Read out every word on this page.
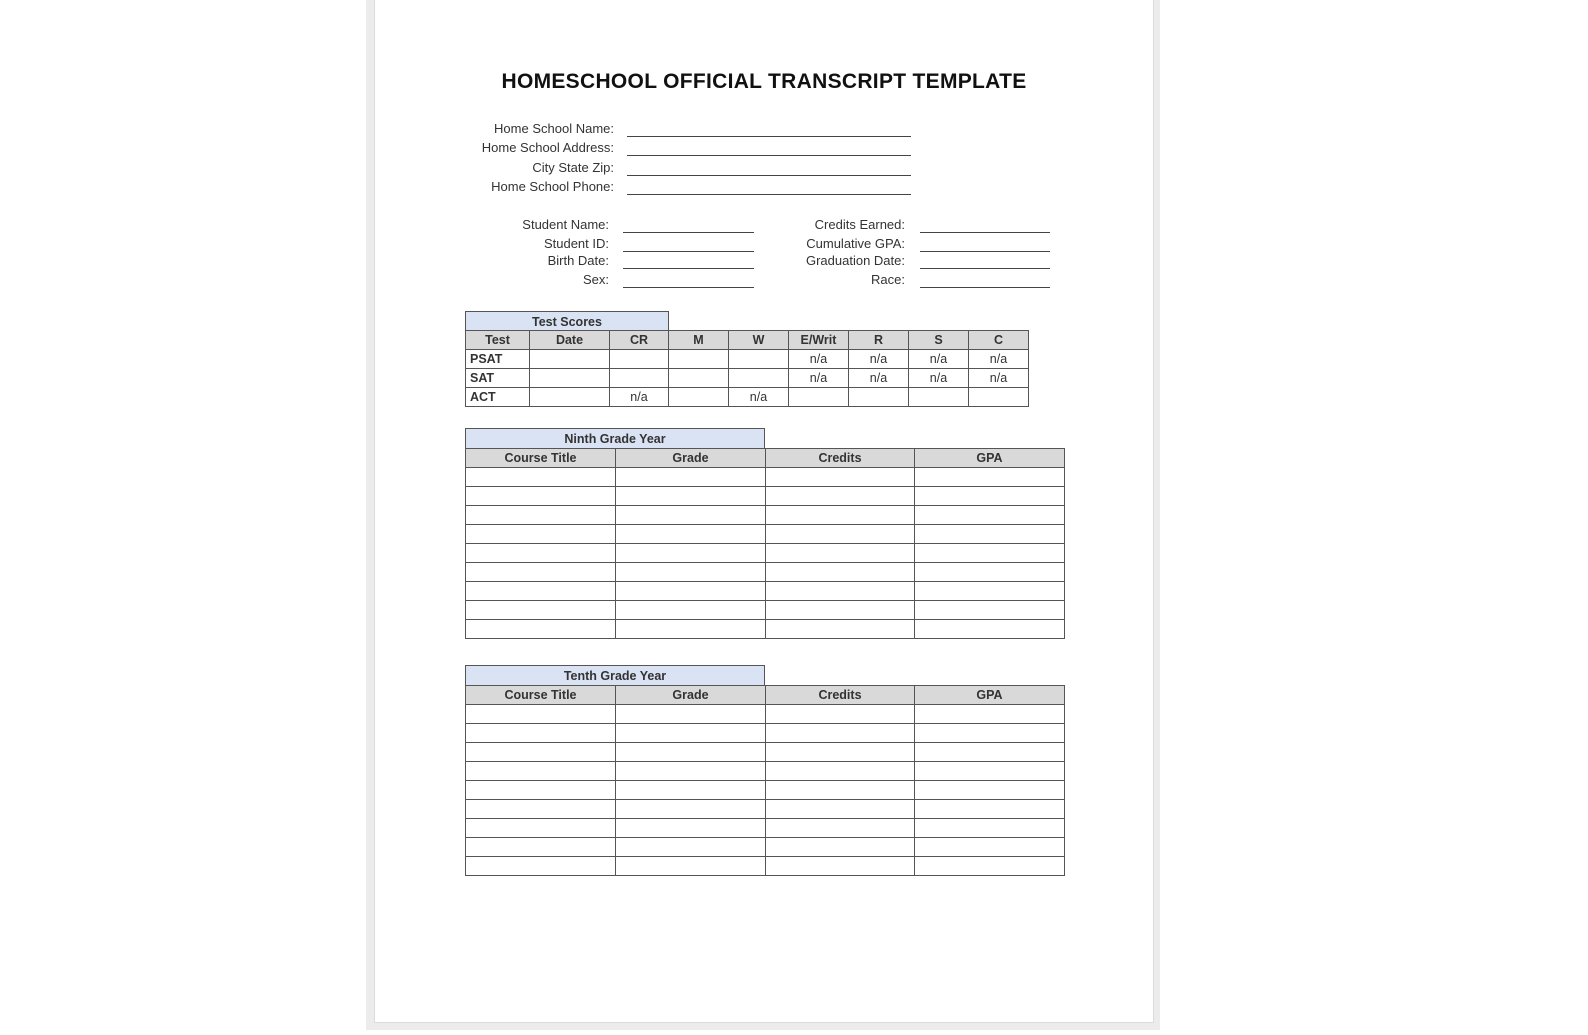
HOMESCHOOL OFFICIAL TRANSCRIPT TEMPLATE
Home School Name:
Home School Address:
City State Zip:
Home School Phone:
Student Name:
Student ID:
Birth Date:
Sex:
Credits Earned:
Cumulative GPA:
Graduation Date:
Race:
Test Scores
Test	Date	CR	M	W	E/Writ	R	S	C
PSAT					n/a	n/a	n/a	n/a
SAT					n/a	n/a	n/a	n/a
ACT		n/a		n/a				
Ninth Grade Year
Course Title	Grade	Credits	GPA

Tenth Grade Year
Course Title	Grade	Credits	GPA
